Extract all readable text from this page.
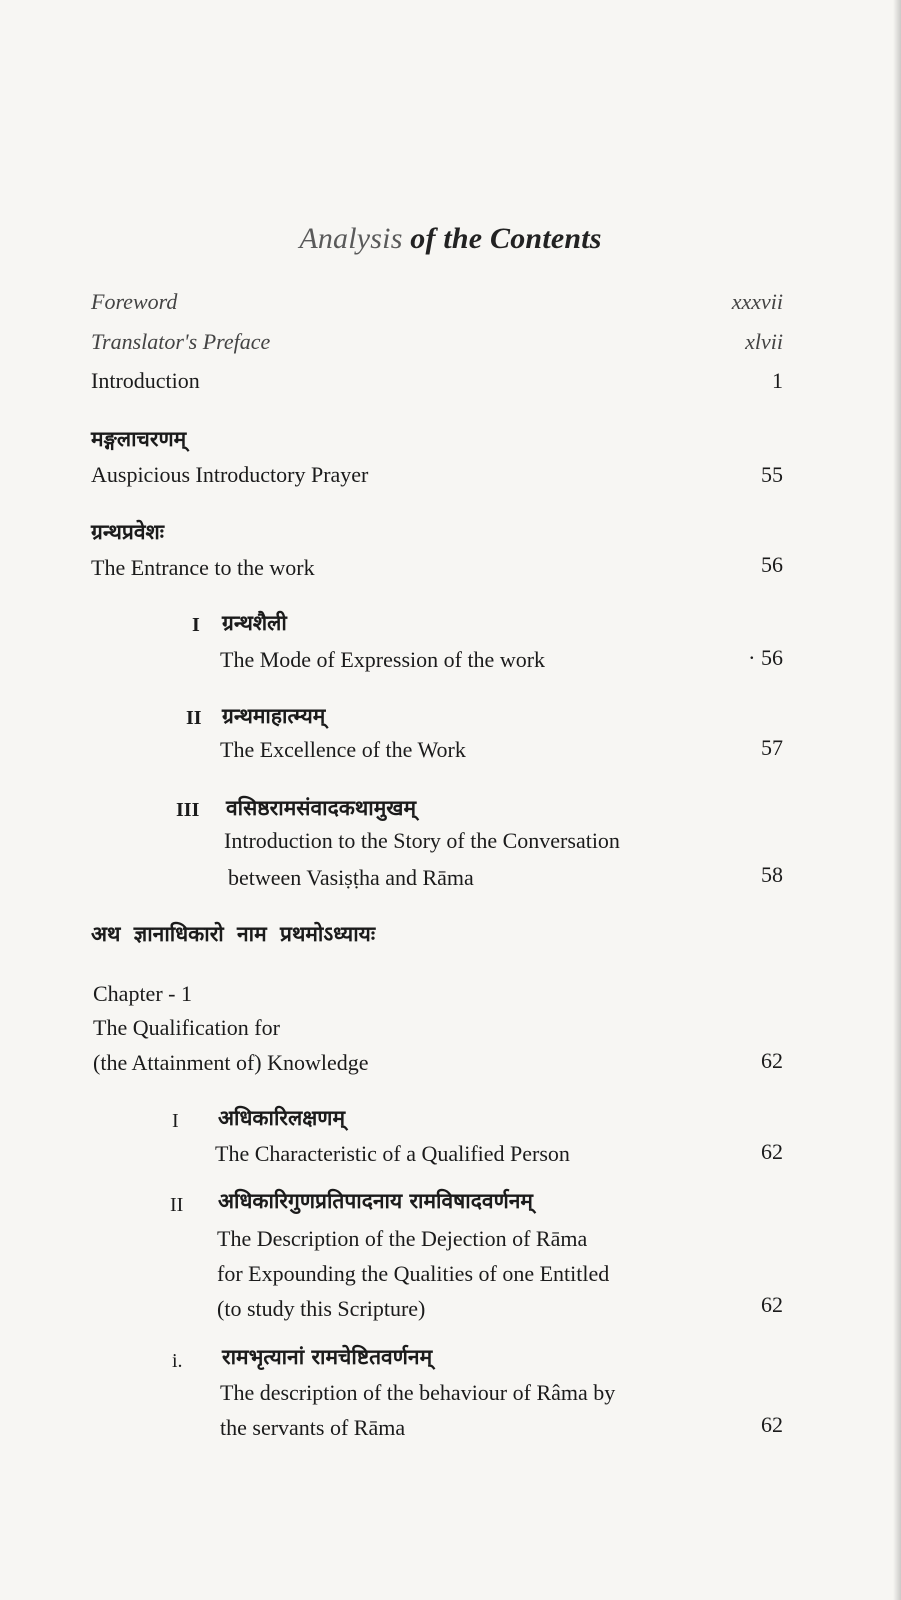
Analysis of the Contents
Foreword	xxxvii
Translator's Preface	xlvii
Introduction	1
मङ्गलाचरणम्
Auspicious Introductory Prayer	55
ग्रन्थप्रवेशः
The Entrance to the work	56
I ग्रन्थशैली
The Mode of Expression of the work	· 56
II ग्रन्थमाहात्म्यम्
The Excellence of the Work	57
III वसिष्ठरामसंवादकथामुखम्
Introduction to the Story of the Conversation
between Vasiṣṭha and Rāma	58
अथ ज्ञानाधिकारो नाम प्रथमोऽध्यायः
Chapter - 1
The Qualification for
(the Attainment of) Knowledge	62
I अधिकारिलक्षणम्
The Characteristic of a Qualified Person	62
II अधिकारिगुणप्रतिपादनाय रामविषादवर्णनम्
The Description of the Dejection of Rāma
for Expounding the Qualities of one Entitled
(to study this Scripture)	62
i. रामभृत्यानां रामचेष्टितवर्णनम्
The description of the behaviour of Râma by
the servants of Rāma	62
